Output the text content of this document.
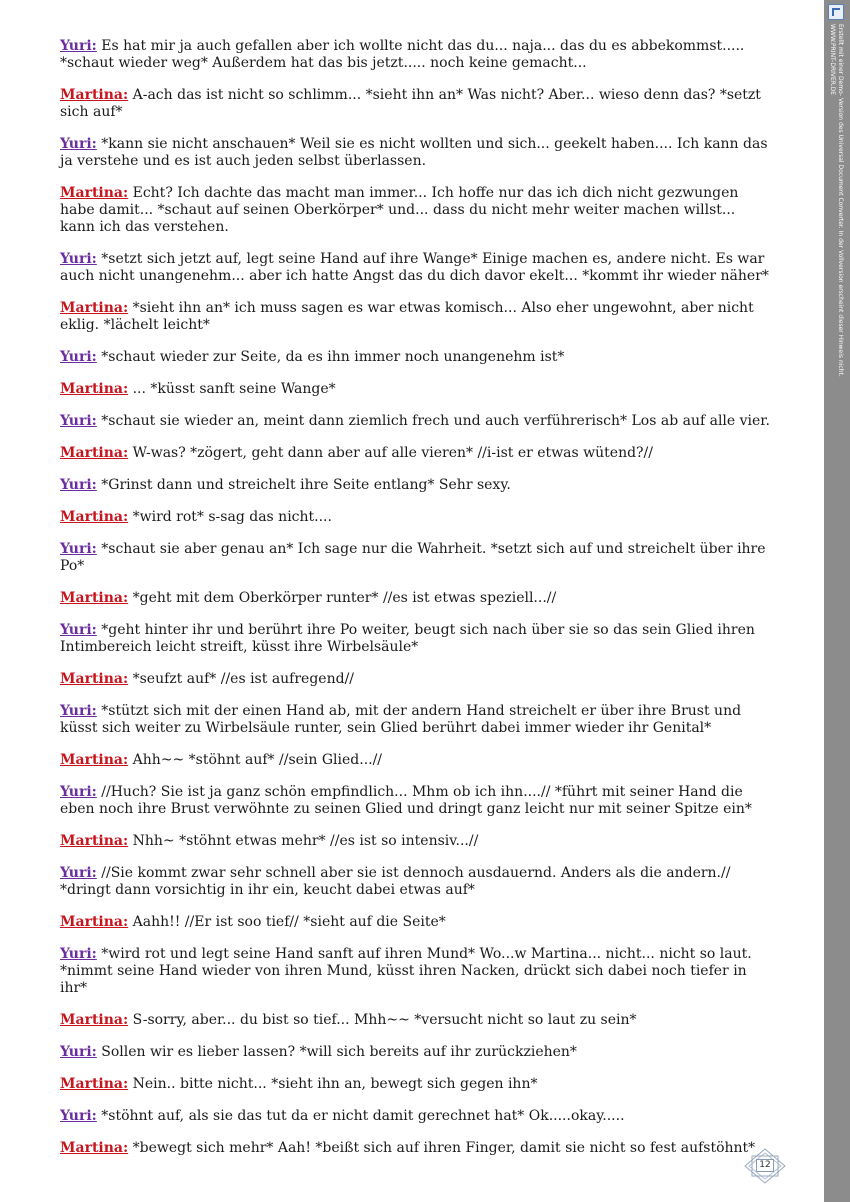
Yuri: Es hat mir ja auch gefallen aber ich wollte nicht das du... naja... das du es abbekommst..... *schaut wieder weg* Außerdem hat das bis jetzt..... noch keine gemacht...
Martina: A-ach das ist nicht so schlimm... *sieht ihn an* Was nicht? Aber... wieso denn das? *setzt sich auf*
Yuri: *kann sie nicht anschauen* Weil sie es nicht wollten und sich... geekelt haben.... Ich kann das ja verstehe und es ist auch jeden selbst überlassen.
Martina: Echt? Ich dachte das macht man immer... Ich hoffe nur das ich dich nicht gezwungen habe damit... *schaut auf seinen Oberkörper* und... dass du nicht mehr weiter machen willst... kann ich das verstehen.
Yuri: *setzt sich jetzt auf, legt seine Hand auf ihre Wange* Einige machen es, andere nicht. Es war auch nicht unangenehm... aber ich hatte Angst das du dich davor ekelt... *kommt ihr wieder näher*
Martina: *sieht ihn an* ich muss sagen es war etwas komisch... Also eher ungewohnt, aber nicht eklig. *lächelt leicht*
Yuri: *schaut wieder zur Seite, da es ihn immer noch unangenehm ist*
Martina: ... *küsst sanft seine Wange*
Yuri: *schaut sie wieder an, meint dann ziemlich frech und auch verführerisch* Los ab auf alle vier.
Martina: W-was? *zögert, geht dann aber auf alle vieren* //i-ist er etwas wütend?//
Yuri: *Grinst dann und streichelt ihre Seite entlang* Sehr sexy.
Martina: *wird rot* s-sag das nicht....
Yuri: *schaut sie aber genau an* Ich sage nur die Wahrheit. *setzt sich auf und streichelt über ihre Po*
Martina: *geht mit dem Oberkörper runter* //es ist etwas speziell...//
Yuri: *geht hinter ihr und berührt ihre Po weiter, beugt sich nach über sie so das sein Glied ihren Intimbereich leicht streift, küsst ihre Wirbelsäule*
Martina: *seufzt auf* //es ist aufregend//
Yuri: *stützt sich mit der einen Hand ab, mit der andern Hand streichelt er über ihre Brust und küsst sich weiter zu Wirbelsäule runter, sein Glied berührt dabei immer wieder ihr Genital*
Martina: Ahh~~ *stöhnt auf* //sein Glied...//
Yuri: //Huch? Sie ist ja ganz schön empfindlich... Mhm ob ich ihn....// *führt mit seiner Hand die eben noch ihre Brust verwöhnte zu seinen Glied und dringt ganz leicht nur mit seiner Spitze ein*
Martina: Nhh~ *stöhnt etwas mehr* //es ist so intensiv...//
Yuri: //Sie kommt zwar sehr schnell aber sie ist dennoch ausdauernd. Anders als die andern.// *dringt dann vorsichtig in ihr ein, keucht dabei etwas auf*
Martina: Aahh!! //Er ist soo tief// *sieht auf die Seite*
Yuri: *wird rot und legt seine Hand sanft auf ihren Mund* Wo...w Martina... nicht... nicht so laut. *nimmt seine Hand wieder von ihren Mund, küsst ihren Nacken, drückt sich dabei noch tiefer in ihr*
Martina: S-sorry, aber... du bist so tief... Mhh~~ *versucht nicht so laut zu sein*
Yuri: Sollen wir es lieber lassen? *will sich bereits auf ihr zurückziehen*
Martina: Nein.. bitte nicht... *sieht ihn an, bewegt sich gegen ihn*
Yuri: *stöhnt auf, als sie das tut da er nicht damit gerechnet hat* Ok.....okay.....
Martina: *bewegt sich mehr* Aah! *beißt sich auf ihren Finger, damit sie nicht so fest aufstöhnt*
Erstellt mit einer Demo- Version des Universal Document Converter. In der Vollversion erscheint dieser Hinweis nicht.
WWW.PRINT-DRIVER.DE
12
